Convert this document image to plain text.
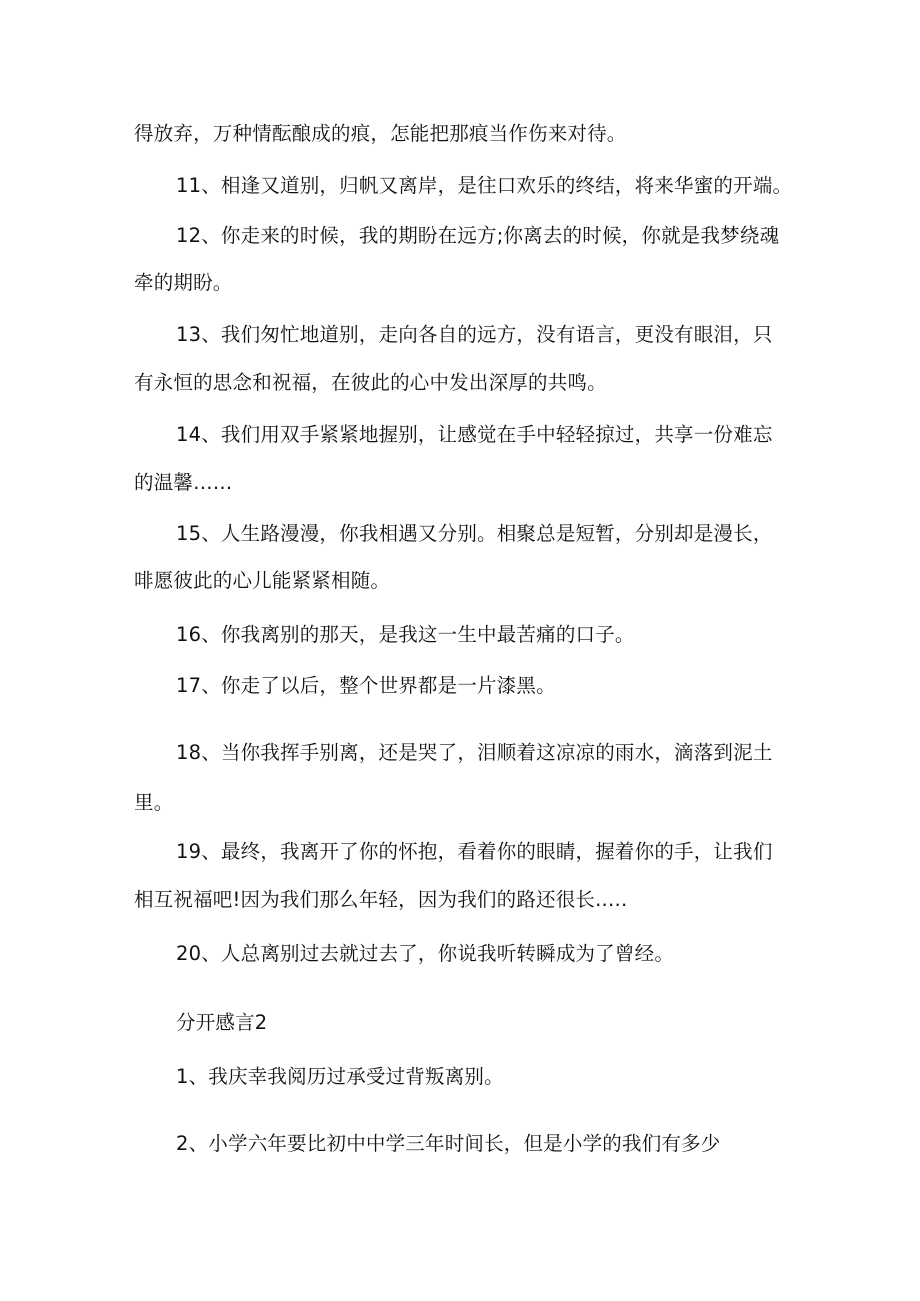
得放弃，万种情酝酿成的痕，怎能把那痕当作伤来对待。
11、相逢又道别，归帆又离岸，是往口欢乐的终结，将来华蜜的开端。
12、你走来的时候，我的期盼在远方;你离去的时候，你就是我梦绕魂
牵的期盼。
13、我们匆忙地道别，走向各自的远方，没有语言，更没有眼泪，只
有永恒的思念和祝福，在彼此的心中发出深厚的共鸣。
14、我们用双手紧紧地握别，让感觉在手中轻轻掠过，共享一份难忘
的温馨……
15、人生路漫漫，你我相遇又分别。相聚总是短暂，分别却是漫长，
啡愿彼此的心儿能紧紧相随。
16、你我离别的那天，是我这一生中最苦痛的口子。
17、你走了以后，整个世界都是一片漆黑。
18、当你我挥手别离，还是哭了，泪顺着这凉凉的雨水，滴落到泥土
里。
19、最终，我离开了你的怀抱，看着你的眼睛，握着你的手，让我们
相互祝福吧!因为我们那么年轻，因为我们的路还很长..…
20、人总离别过去就过去了，你说我听转瞬成为了曾经。
分开感言2
1、我庆幸我阅历过承受过背叛离别。
2、小学六年要比初中中学三年时间长，但是小学的我们有多少
